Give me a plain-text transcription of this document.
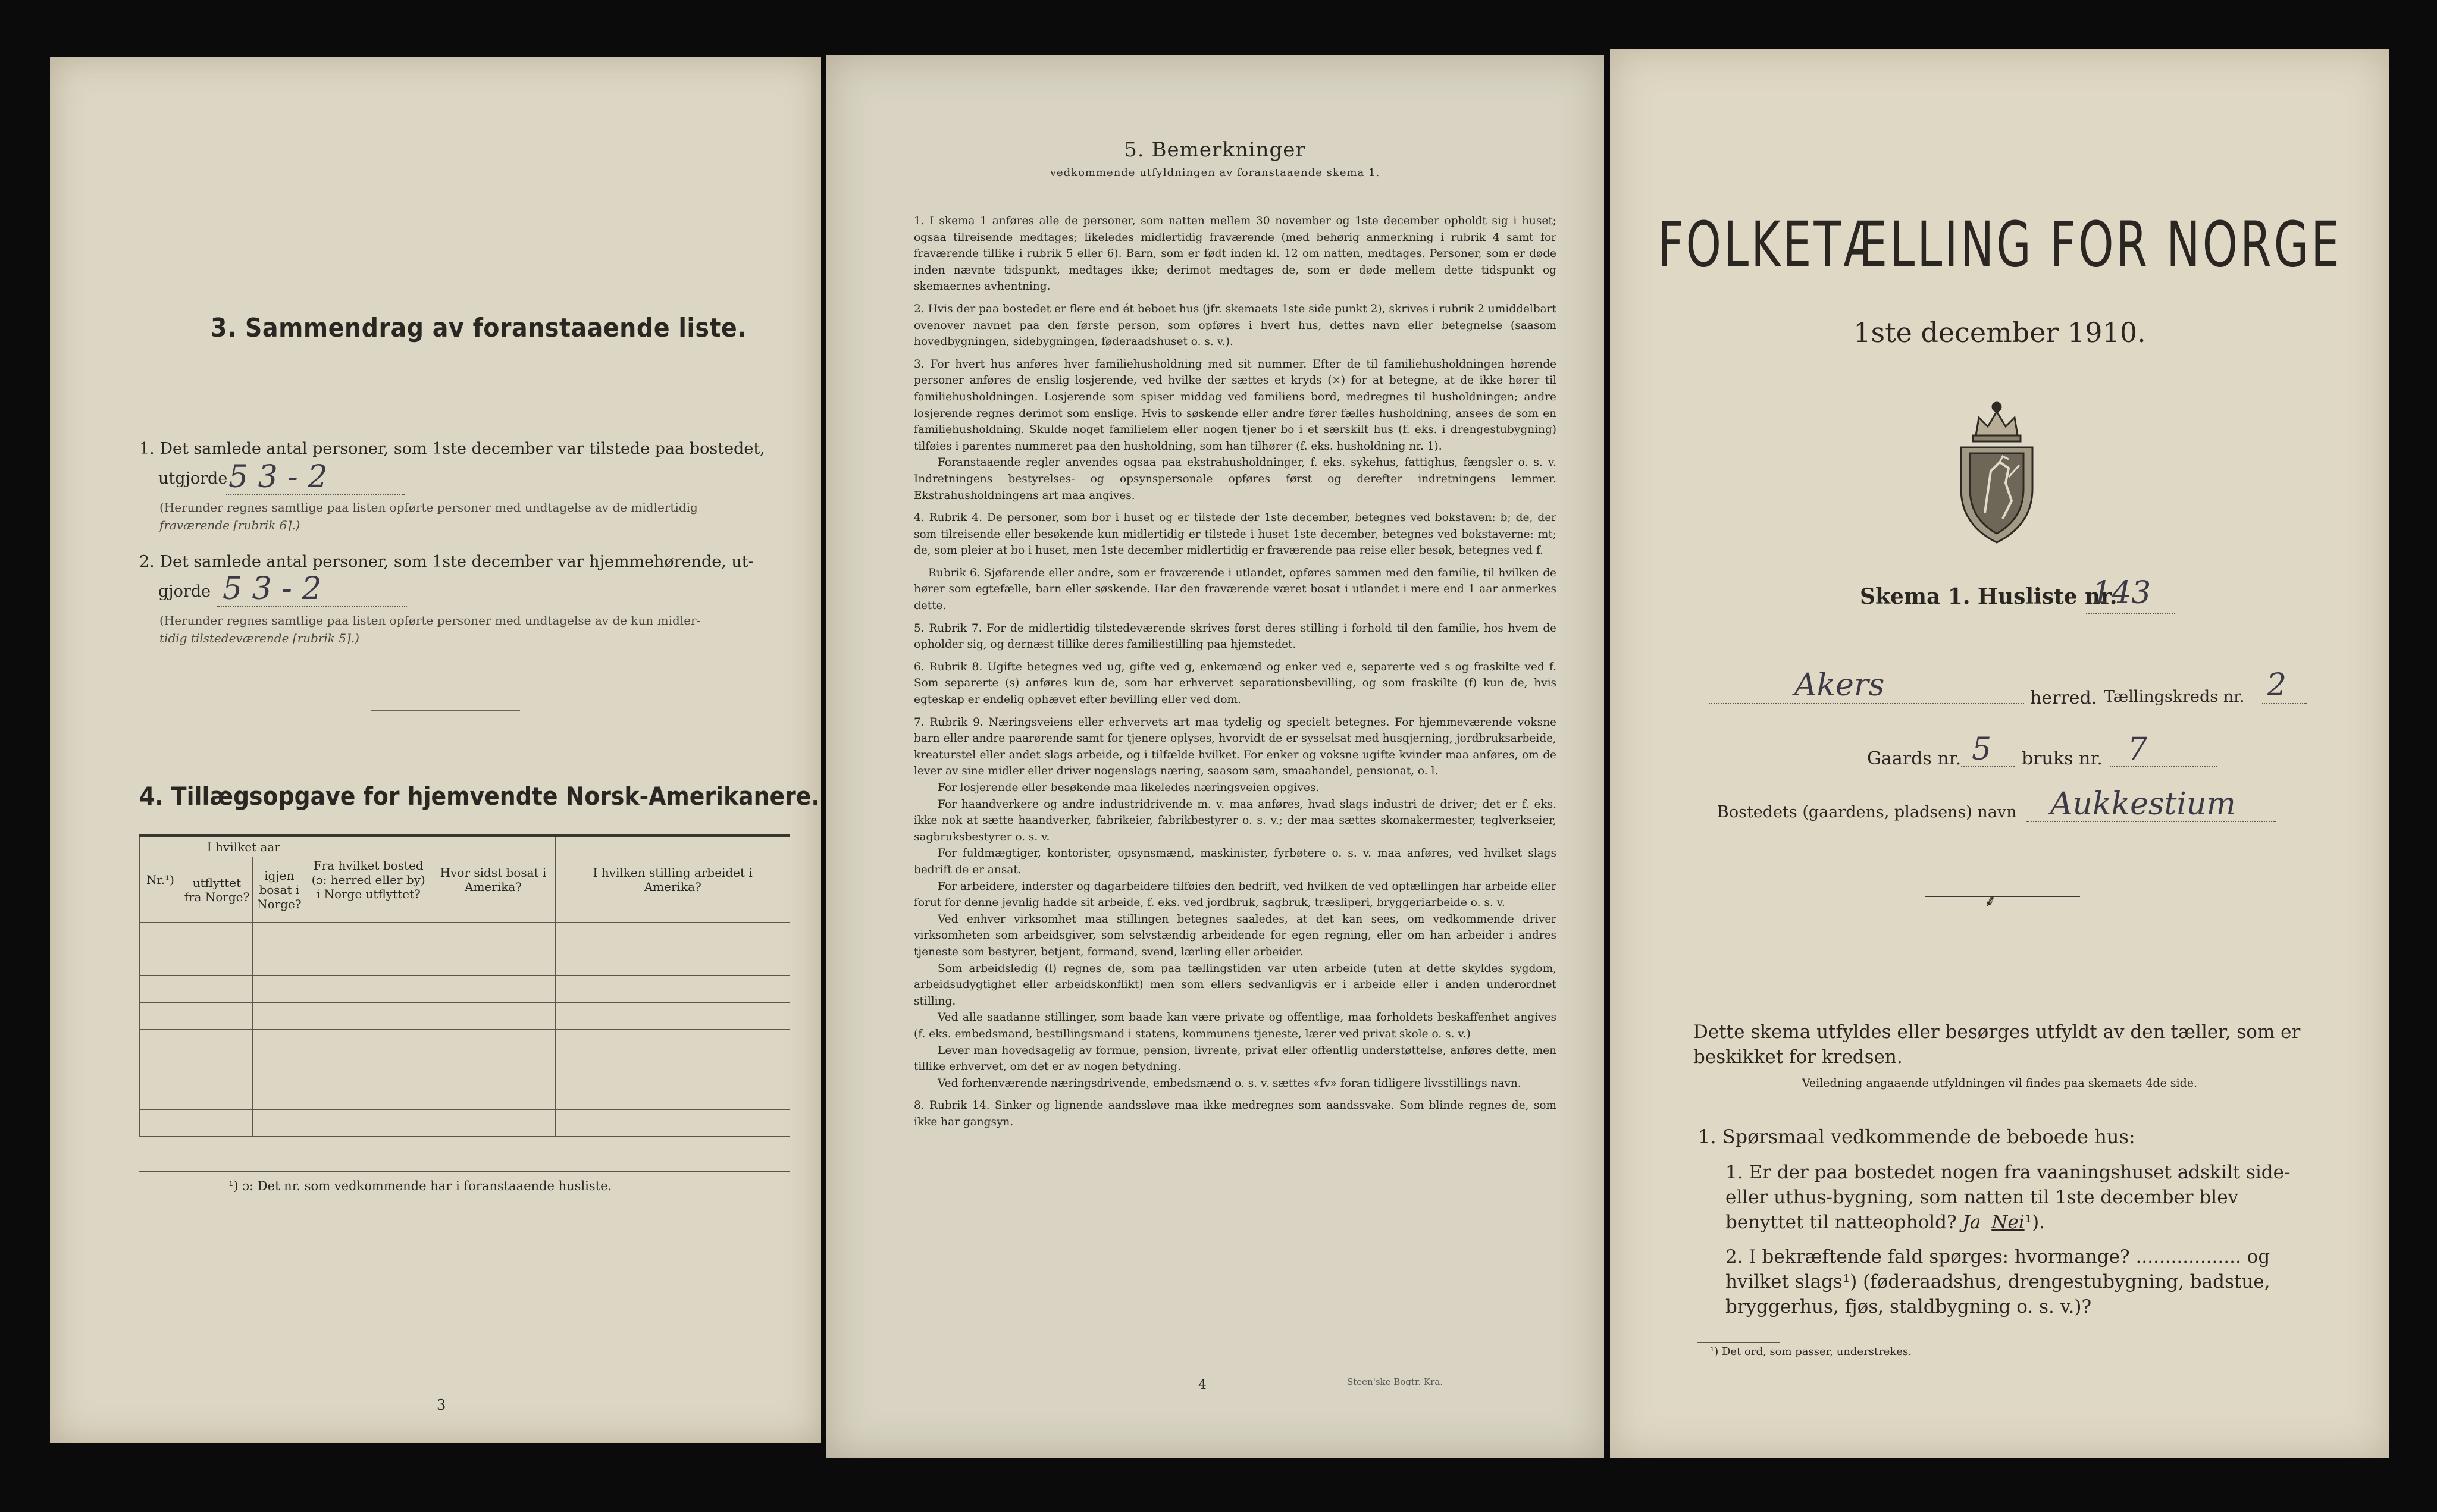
3. Sammendrag av foranstaaende liste.
1. Det samlede antal personer, som 1ste december var tilstede paa bostedet,
utgjorde 5 3 - 2
(Herunder regnes samtlige paa listen opførte personer med undtagelse av de midlertidig
fraværende [rubrik 6].)
2. Det samlede antal personer, som 1ste december var hjemmehørende, ut-
gjorde 5 3 - 2
(Herunder regnes samtlige paa listen opførte personer med undtagelse av de kun midler-
tidig tilstedeværende [rubrik 5].)
4. Tillægsopgave for hjemvendte Norsk-Amerikanere.
Nr.¹)	I hvilket aar		Fra hvilket bosted (ɔ: herred eller by) i Norge utflyttet?	Hvor sidst bosat i Amerika?	I hvilken stilling arbeidet i Amerika?
	utflyttet fra Norge?	igjen bosat i Norge?			

¹) ɔ: Det nr. som vedkommende har i foranstaaende husliste.
3
5. Bemerkninger
vedkommende utfyldningen av foranstaaende skema 1.

1. I skema 1 anføres alle de personer, som natten mellem 30 november og 1ste december opholdt sig i huset; ogsaa tilreisende medtages; likeledes midlertidig fraværende (med behørig anmerkning i rubrik 4 samt for fraværende tillike i rubrik 5 eller 6). Barn, som er født inden kl. 12 om natten, medtages. Personer, som er døde inden nævnte tidspunkt, medtages ikke; derimot medtages de, som er døde mellem dette tidspunkt og skemaernes avhentning.

2. Hvis der paa bostedet er flere end ét beboet hus (jfr. skemaets 1ste side punkt 2), skrives i rubrik 2 umiddelbart ovenover navnet paa den første person, som opføres i hvert hus, dettes navn eller betegnelse (saasom hovedbygningen, sidebygningen, føderaadshuset o. s. v.).

3. For hvert hus anføres hver familiehusholdning med sit nummer. Efter de til familiehusholdningen hørende personer anføres de enslig losjerende, ved hvilke der sættes et kryds (×) for at betegne, at de ikke hører til familiehusholdningen. Losjerende som spiser middag ved familiens bord, medregnes til husholdningen; andre losjerende regnes derimot som enslige. Hvis to søskende eller andre fører fælles husholdning, ansees de som en familiehusholdning. Skulde noget familielem eller nogen tjener bo i et særskilt hus (f. eks. i drengestubygning) tilføies i parentes nummeret paa den husholdning, som han tilhører (f. eks. husholdning nr. 1).

Foranstaaende regler anvendes ogsaa paa ekstrahusholdninger, f. eks. sykehus, fattighus, fængsler o. s. v. Indretningens bestyrelses- og opsynspersonale opføres først og derefter indretningens lemmer. Ekstrahusholdningens art maa angives.

4. Rubrik 4. De personer, som bor i huset og er tilstede der 1ste december, betegnes ved bokstaven: b; de, der som tilreisende eller besøkende kun midlertidig er tilstede i huset 1ste december, betegnes ved bokstaverne: mt; de, som pleier at bo i huset, men 1ste december midlertidig er fraværende paa reise eller besøk, betegnes ved f.

Rubrik 6. Sjøfarende eller andre, som er fraværende i utlandet, opføres sammen med den familie, til hvilken de hører som egtefælle, barn eller søskende. Har den fraværende været bosat i utlandet i mere end 1 aar anmerkes dette.

5. Rubrik 7. For de midlertidig tilstedeværende skrives først deres stilling i forhold til den familie, hos hvem de opholder sig, og dernæst tillike deres familiestilling paa hjemstedet.

6. Rubrik 8. Ugifte betegnes ved ug, gifte ved g, enkemænd og enker ved e, separerte ved s og fraskilte ved f. Som separerte (s) anføres kun de, som har erhvervet separationsbevilling, og som fraskilte (f) kun de, hvis egteskap er endelig ophævet efter bevilling eller ved dom.

7. Rubrik 9. Næringsveiens eller erhvervets art maa tydelig og specielt betegnes. For hjemmeværende voksne barn eller andre paarørende samt for tjenere oplyses, hvorvidt de er sysselsat med husgjerning, jordbruksarbeide, kreaturstel eller andet slags arbeide, og i tilfælde hvilket. For enker og voksne ugifte kvinder maa anføres, om de lever av sine midler eller driver nogenslags næring, saasom søm, smaahandel, pensionat, o. l.

For losjerende eller besøkende maa likeledes næringsveien opgives.

For haandverkere og andre industridrivende m. v. maa anføres, hvad slags industri de driver; det er f. eks. ikke nok at sætte haandverker, fabrikeier, fabrikbestyrer o. s. v.; der maa sættes skomakermester, teglverkseier, sagbruksbestyrer o. s. v.

For fuldmægtiger, kontorister, opsynsmænd, maskinister, fyrbøtere o. s. v. maa anføres, ved hvilket slags bedrift de er ansat.

For arbeidere, inderster og dagarbeidere tilføies den bedrift, ved hvilken de ved optællingen har arbeide eller forut for denne jevnlig hadde sit arbeide, f. eks. ved jordbruk, sagbruk, træsliperi, bryggeriarbeide o. s. v.

Ved enhver virksomhet maa stillingen betegnes saaledes, at det kan sees, om vedkommende driver virksomheten som arbeidsgiver, som selvstændig arbeidende for egen regning, eller om han arbeider i andres tjeneste som bestyrer, betjent, formand, svend, lærling eller arbeider.

Som arbeidsledig (l) regnes de, som paa tællingstiden var uten arbeide (uten at dette skyldes sygdom, arbeidsudygtighet eller arbeidskonflikt) men som ellers sedvanligvis er i arbeide eller i anden underordnet stilling.

Ved alle saadanne stillinger, som baade kan være private og offentlige, maa forholdets beskaffenhet angives (f. eks. embedsmand, bestillingsmand i statens, kommunens tjeneste, lærer ved privat skole o. s. v.)

Lever man hovedsagelig av formue, pension, livrente, privat eller offentlig understøttelse, anføres dette, men tillike erhvervet, om det er av nogen betydning.

Ved forhenværende næringsdrivende, embedsmænd o. s. v. sættes «fv» foran tidligere livsstillings navn.

8. Rubrik 14. Sinker og lignende aandssløve maa ikke medregnes som aandssvake. Som blinde regnes de, som ikke har gangsyn.

4	Steen'ske Bogtr. Kra.
FOLKETÆLLING FOR NORGE
1ste december 1910.
Skema 1. Husliste nr.
143
Akers	herred. Tællingskreds nr. 2
Gaards nr. 5 bruks nr. 7
Bostedets (gaardens, pladsens) navn Aukkestium
⸙
Dette skema utfyldes eller besørges utfyldt av den tæller, som er beskikket for kredsen.
Veiledning angaaende utfyldningen vil findes paa skemaets 4de side.
1. Spørsmaal vedkommende de beboede hus:
1. Er der paa bostedet nogen fra vaaningshuset adskilt side- eller uthus-bygning, som natten til 1ste december blev benyttet til natteophold? Ja Nei¹).
2. I bekræftende fald spørges: hvormange? .................. og hvilket slags¹) (føderaadshus, drengestubygning, badstue, bryggerhus, fjøs, staldbygning o. s. v.)?
¹) Det ord, som passer, understrekes.
